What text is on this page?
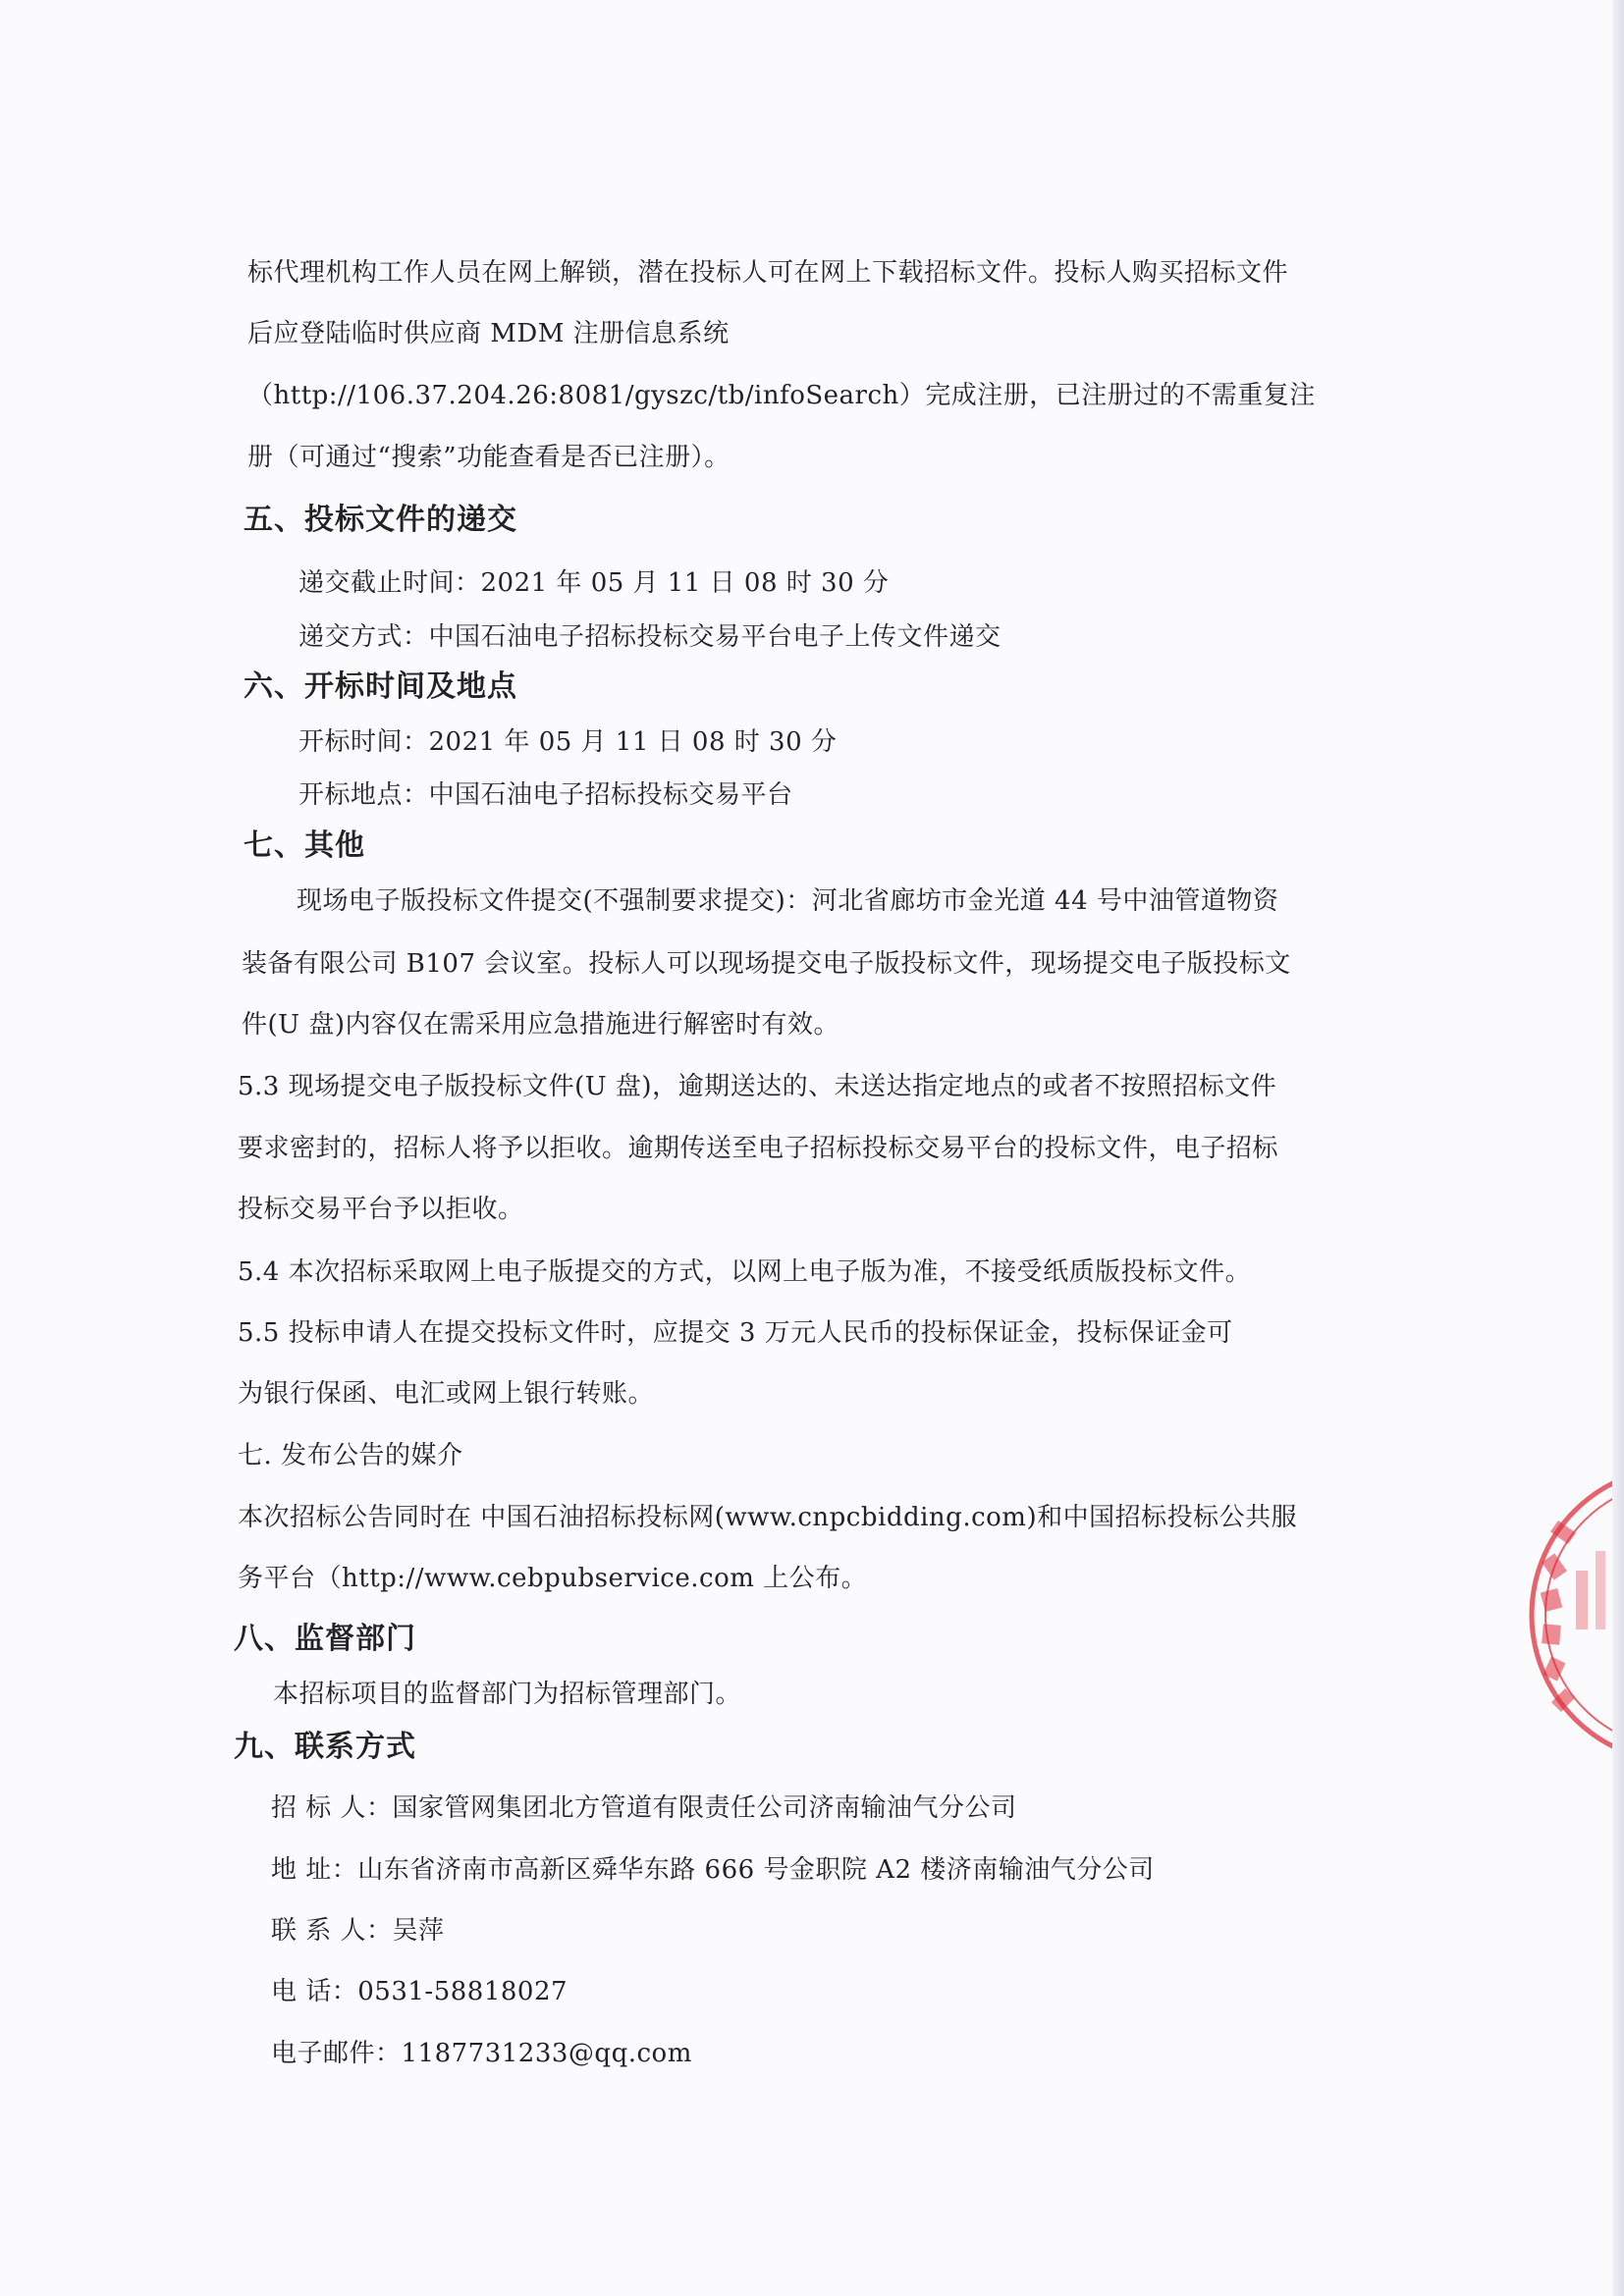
标代理机构工作人员在网上解锁，潜在投标人可在网上下载招标文件。投标人购买招标文件
后应登陆临时供应商 MDM 注册信息系统
（http://106.37.204.26:8081/gyszc/tb/infoSearch）完成注册，已注册过的不需重复注
册（可通过“搜索”功能查看是否已注册）。
五、投标文件的递交
递交截止时间：2021 年 05 月 11 日 08 时 30 分
递交方式：中国石油电子招标投标交易平台电子上传文件递交
六、开标时间及地点
开标时间：2021 年 05 月 11 日 08 时 30 分
开标地点：中国石油电子招标投标交易平台
七、其他
现场电子版投标文件提交(不强制要求提交)：河北省廊坊市金光道 44 号中油管道物资
装备有限公司 B107 会议室。投标人可以现场提交电子版投标文件，现场提交电子版投标文
件(U 盘)内容仅在需采用应急措施进行解密时有效。
5.3 现场提交电子版投标文件(U 盘)，逾期送达的、未送达指定地点的或者不按照招标文件
要求密封的，招标人将予以拒收。逾期传送至电子招标投标交易平台的投标文件，电子招标
投标交易平台予以拒收。
5.4 本次招标采取网上电子版提交的方式，以网上电子版为准，不接受纸质版投标文件。
5.5 投标申请人在提交投标文件时，应提交 3 万元人民币的投标保证金，投标保证金可
为银行保函、电汇或网上银行转账。
七. 发布公告的媒介
本次招标公告同时在 中国石油招标投标网(www.cnpcbidding.com)和中国招标投标公共服
务平台（http://www.cebpubservice.com 上公布。
八、监督部门
本招标项目的监督部门为招标管理部门。
九、联系方式
招 标 人：国家管网集团北方管道有限责任公司济南输油气分公司
地 址：山东省济南市高新区舜华东路 666 号金职院 A2 楼济南输油气分公司
联 系 人：吴萍
电 话：0531-58818027
电子邮件：1187731233@qq.com
